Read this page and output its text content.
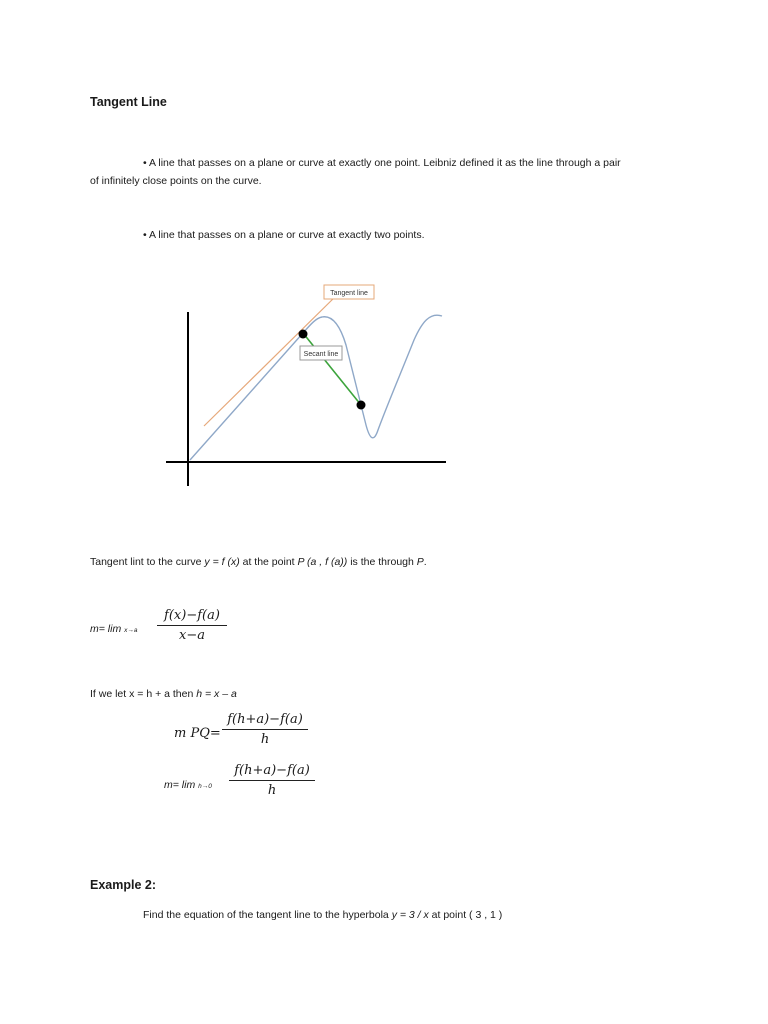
Tangent Line
• A line that passes on a plane or curve at exactly one point. Leibniz defined it as the line through a pair
of infinitely close points on the curve.
• A line that passes on a plane or curve at exactly two points.
Tangent line
Secant line
Tangent lint to the curve y = f (x) at the point P (a , f (a)) is the through P.
m= lim x→a
f(x)−f(a)
x−a
If we let x = h + a then h = x – a
m PQ=
f(h+a)−f(a)
h
m= lim h→0
f(h+a)−f(a)
h
Example 2:
Find the equation of the tangent line to the hyperbola y = 3 / x at point ( 3 , 1 )
